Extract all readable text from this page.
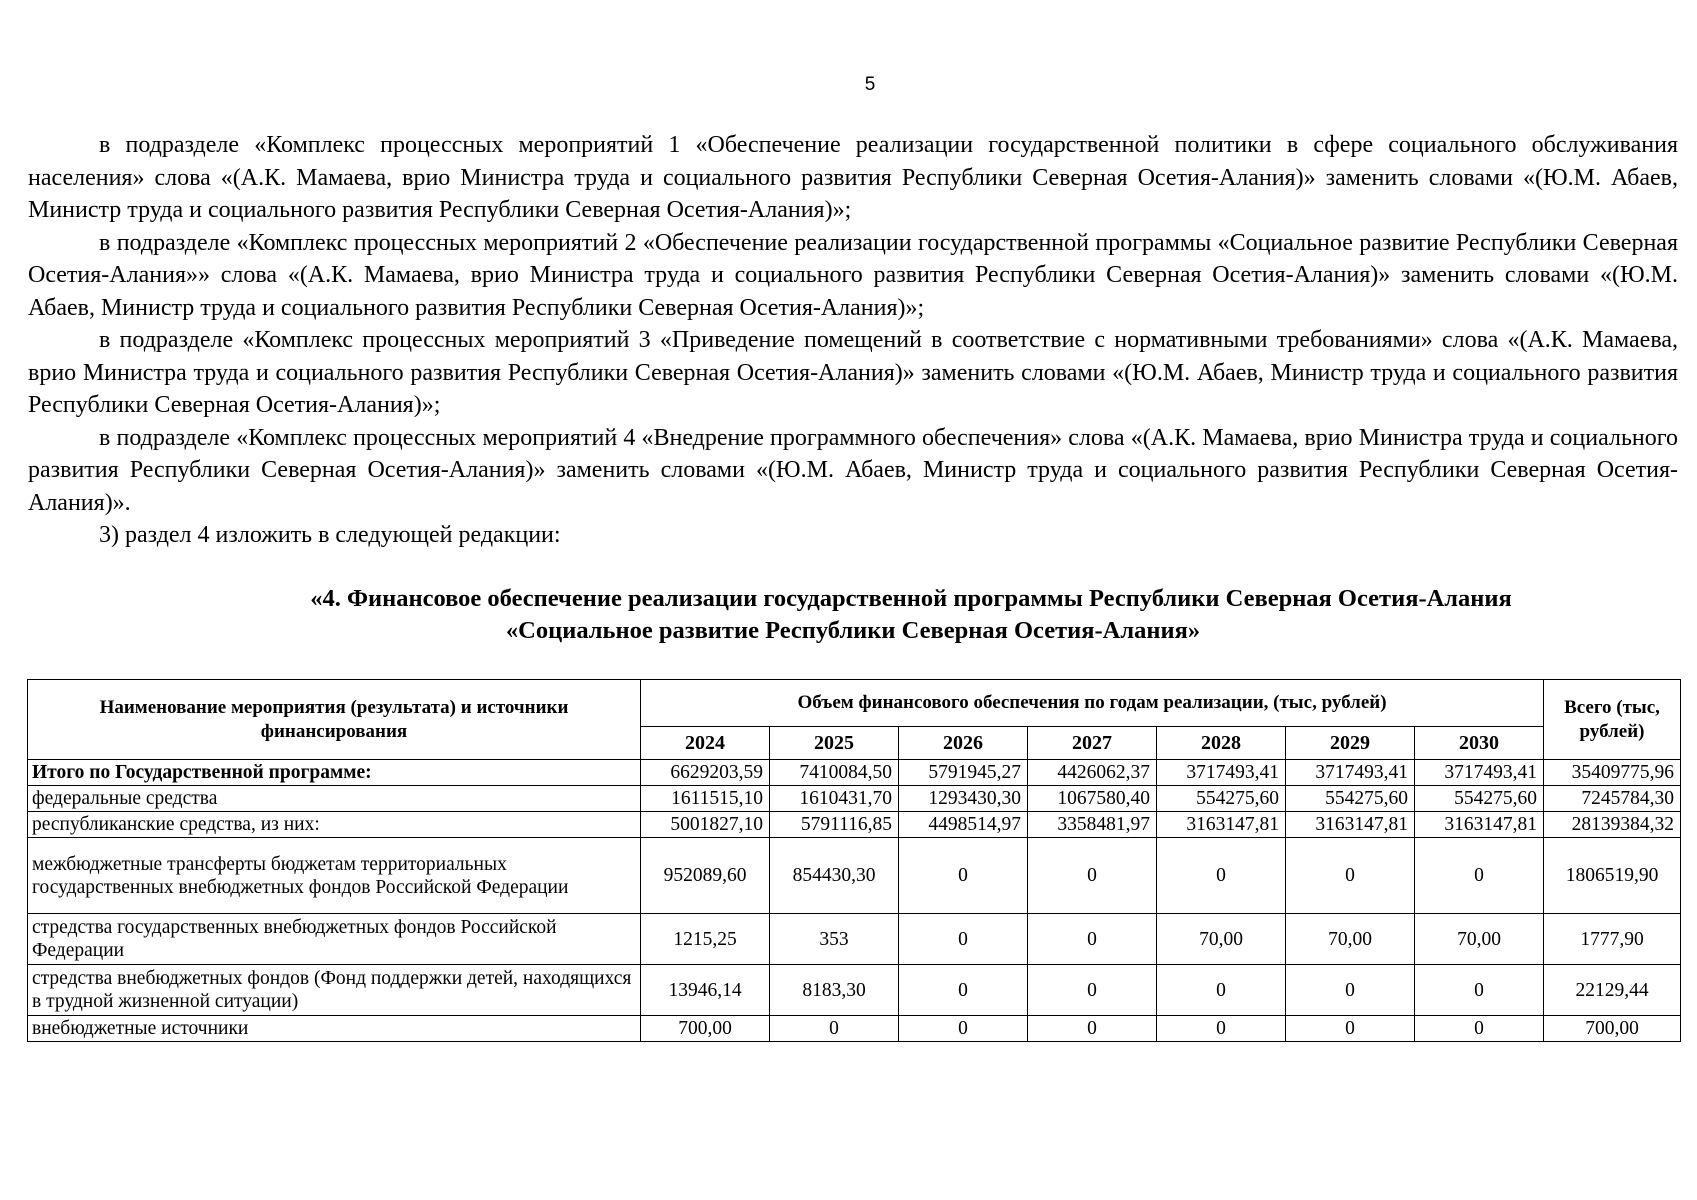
5

в подразделе «Комплекс процессных мероприятий 1 «Обеспечение реализации государственной политики в сфере социального обслуживания населения» слова «(А.К. Мамаева, врио Министра труда и социального развития Республики Северная Осетия-Алания)» заменить словами «(Ю.М. Абаев, Министр труда и социального развития Республики Северная Осетия-Алания)»;

в подразделе «Комплекс процессных мероприятий 2 «Обеспечение реализации государственной программы «Социальное развитие Республики Северная Осетия-Алания»» слова «(А.К. Мамаева, врио Министра труда и социального развития Республики Северная Осетия-Алания)» заменить словами «(Ю.М. Абаев, Министр труда и социального развития Республики Северная Осетия-Алания)»;

в подразделе «Комплекс процессных мероприятий 3 «Приведение помещений в соответствие с нормативными требованиями» слова «(А.К. Мамаева, врио Министра труда и социального развития Республики Северная Осетия-Алания)» заменить словами «(Ю.М. Абаев, Министр труда и социального развития Республики Северная Осетия-Алания)»;

в подразделе «Комплекс процессных мероприятий 4 «Внедрение программного обеспечения» слова «(А.К. Мамаева, врио Министра труда и социального развития Республики Северная Осетия-Алания)» заменить словами «(Ю.М. Абаев, Министр труда и социального развития Республики Северная Осетия-Алания)».

3) раздел 4 изложить в следующей редакции:

«4. Финансовое обеспечение реализации государственной программы Республики Северная Осетия-Алания
«Социальное развитие Республики Северная Осетия-Алания»
Наименование мероприятия (результата) и источники финансирования	Объем финансового обеспечения по годам реализации, (тыс, рублей)							Всего (тыс, рублей)
	2024	2025	2026	2027	2028	2029	2030	
Итого по Государственной программе:	6629203,59	7410084,50	5791945,27	4426062,37	3717493,41	3717493,41	3717493,41	35409775,96
федеральные средства	1611515,10	1610431,70	1293430,30	1067580,40	554275,60	554275,60	554275,60	7245784,30
республиканские средства, из них:	5001827,10	5791116,85	4498514,97	3358481,97	3163147,81	3163147,81	3163147,81	28139384,32
межбюджетные трансферты бюджетам территориальных государственных внебюджетных фондов Российской Федерации	952089,60	854430,30	0	0	0	0	0	1806519,90
стредства государственных внебюджетных фондов Российской Федерации	1215,25	353	0	0	70,00	70,00	70,00	1777,90
стредства внебюджетных фондов (Фонд поддержки детей, находящихся в трудной жизненной ситуации)	13946,14	8183,30	0	0	0	0	0	22129,44
внебюджетные источники	700,00	0	0	0	0	0	0	700,00
